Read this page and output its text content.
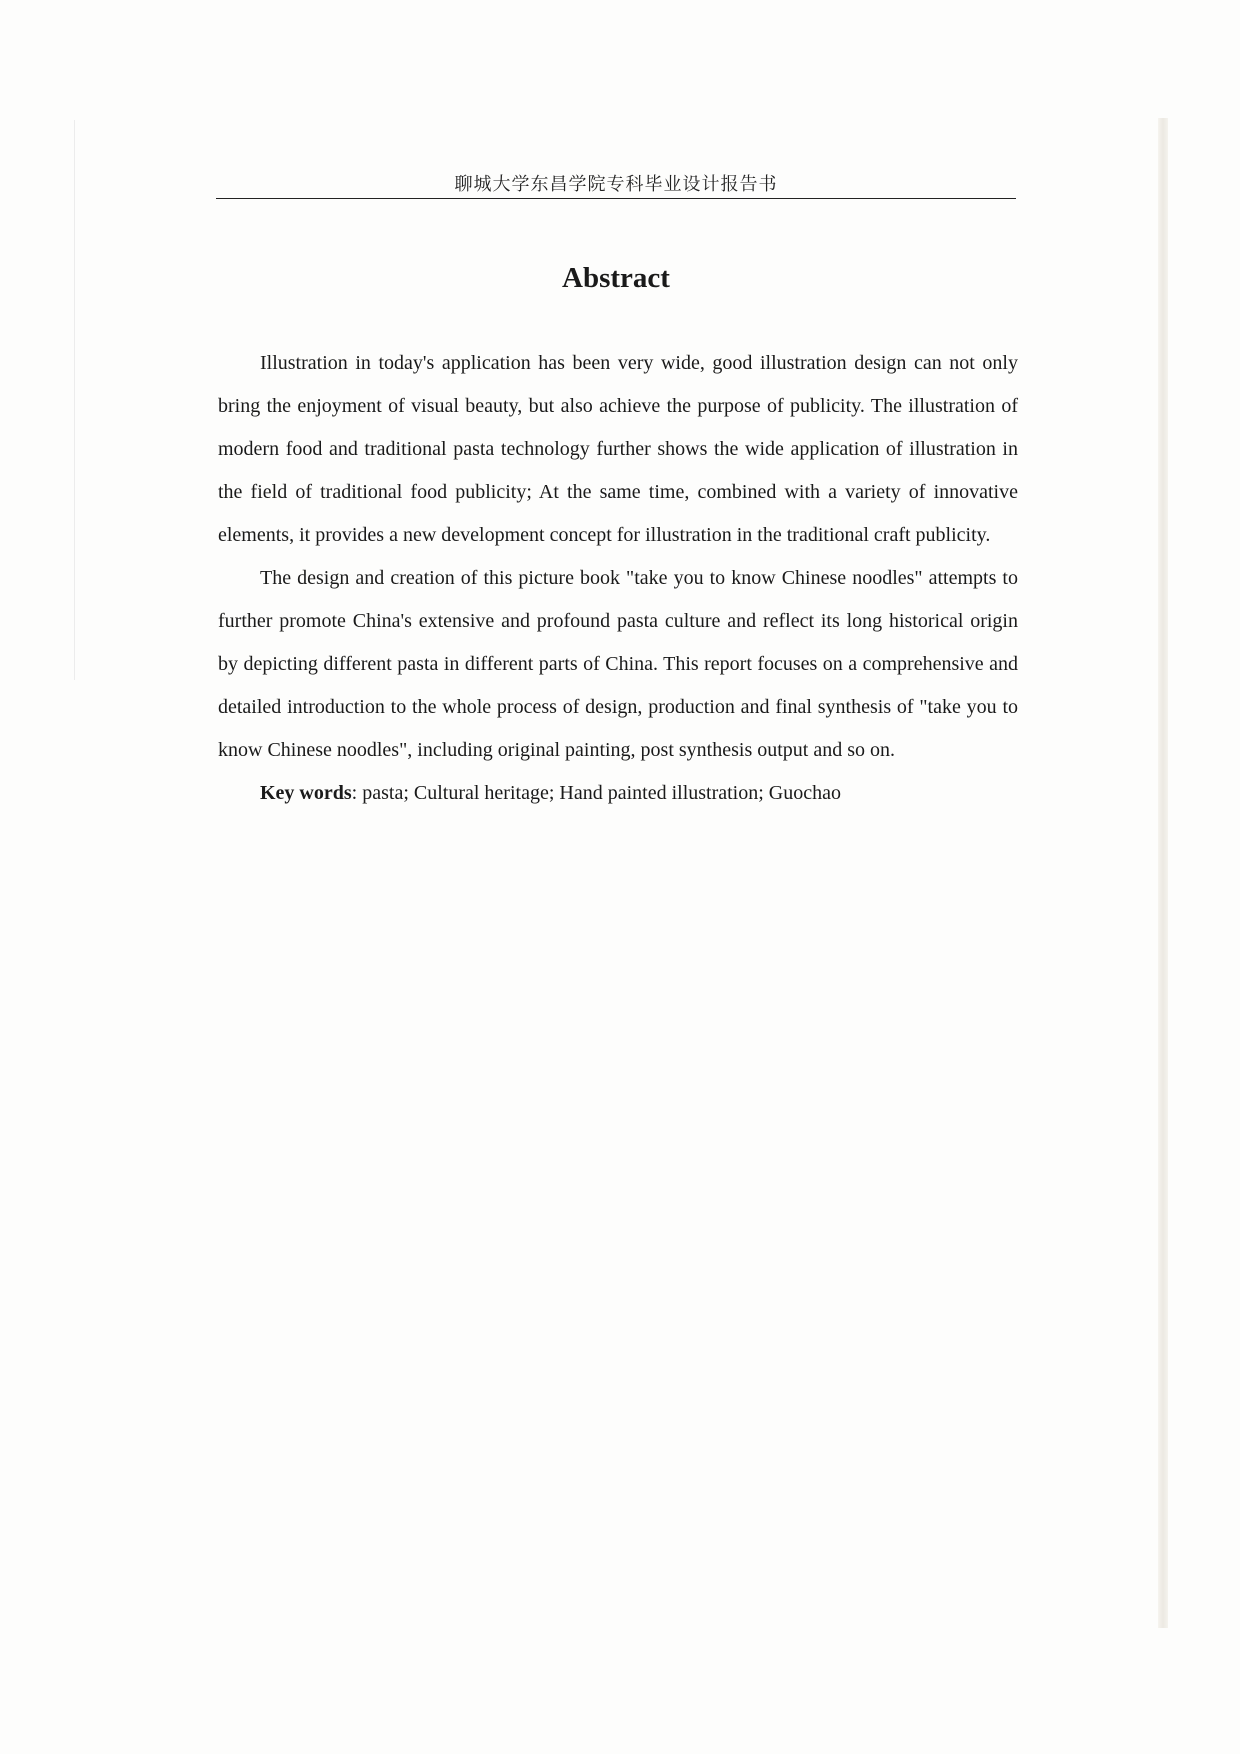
聊城大学东昌学院专科毕业设计报告书
Abstract

Illustration in today's application has been very wide, good illustration design can not only bring the enjoyment of visual beauty, but also achieve the purpose of publicity. The illustration of modern food and traditional pasta technology further shows the wide application of illustration in the field of traditional food publicity; At the same time, combined with a variety of innovative elements, it provides a new development concept for illustration in the traditional craft publicity.

The design and creation of this picture book "take you to know Chinese noodles" attempts to further promote China's extensive and profound pasta culture and reflect its long historical origin by depicting different pasta in different parts of China. This report focuses on a comprehensive and detailed introduction to the whole process of design, production and final synthesis of "take you to know Chinese noodles", including original painting, post synthesis output and so on.

Key words: pasta; Cultural heritage; Hand painted illustration; Guochao
